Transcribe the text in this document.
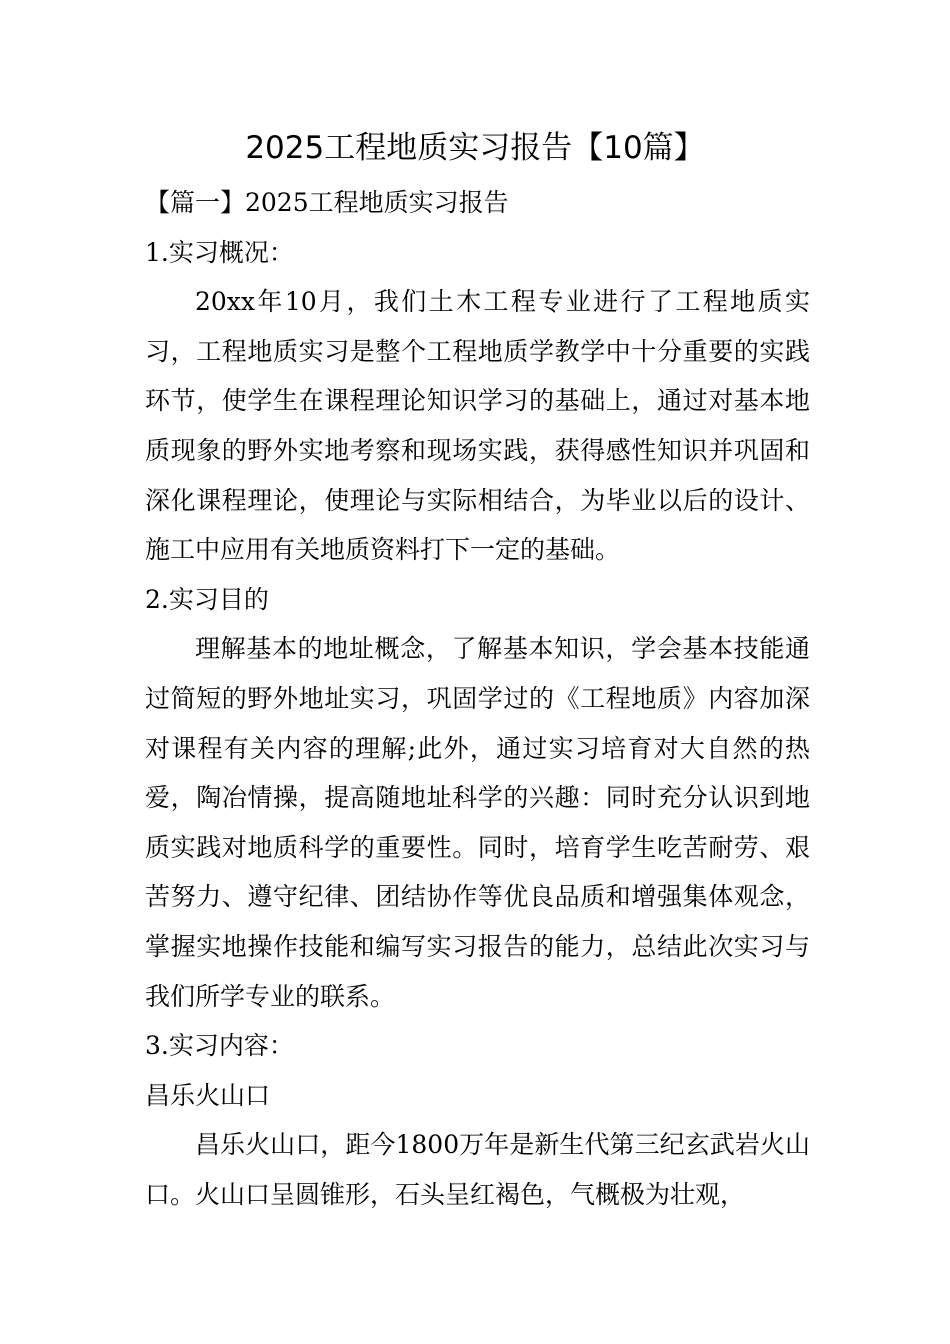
2025工程地质实习报告【10篇】

【篇一】2025工程地质实习报告

1.实习概况：

20xx年10月，我们土木工程专业进行了工程地质实习，工程地质实习是整个工程地质学教学中十分重要的实践环节，使学生在课程理论知识学习的基础上，通过对基本地质现象的野外实地考察和现场实践，获得感性知识并巩固和深化课程理论，使理论与实际相结合，为毕业以后的设计、施工中应用有关地质资料打下一定的基础。

2.实习目的

理解基本的地址概念，了解基本知识，学会基本技能通过简短的野外地址实习，巩固学过的《工程地质》内容加深对课程有关内容的理解;此外，通过实习培育对大自然的热爱，陶冶情操，提高随地址科学的兴趣：同时充分认识到地质实践对地质科学的重要性。同时，培育学生吃苦耐劳、艰苦努力、遵守纪律、团结协作等优良品质和增强集体观念，掌握实地操作技能和编写实习报告的能力，总结此次实习与我们所学专业的联系。

3.实习内容：

昌乐火山口

昌乐火山口，距今1800万年是新生代第三纪玄武岩火山口。火山口呈圆锥形，石头呈红褐色，气概极为壮观，
